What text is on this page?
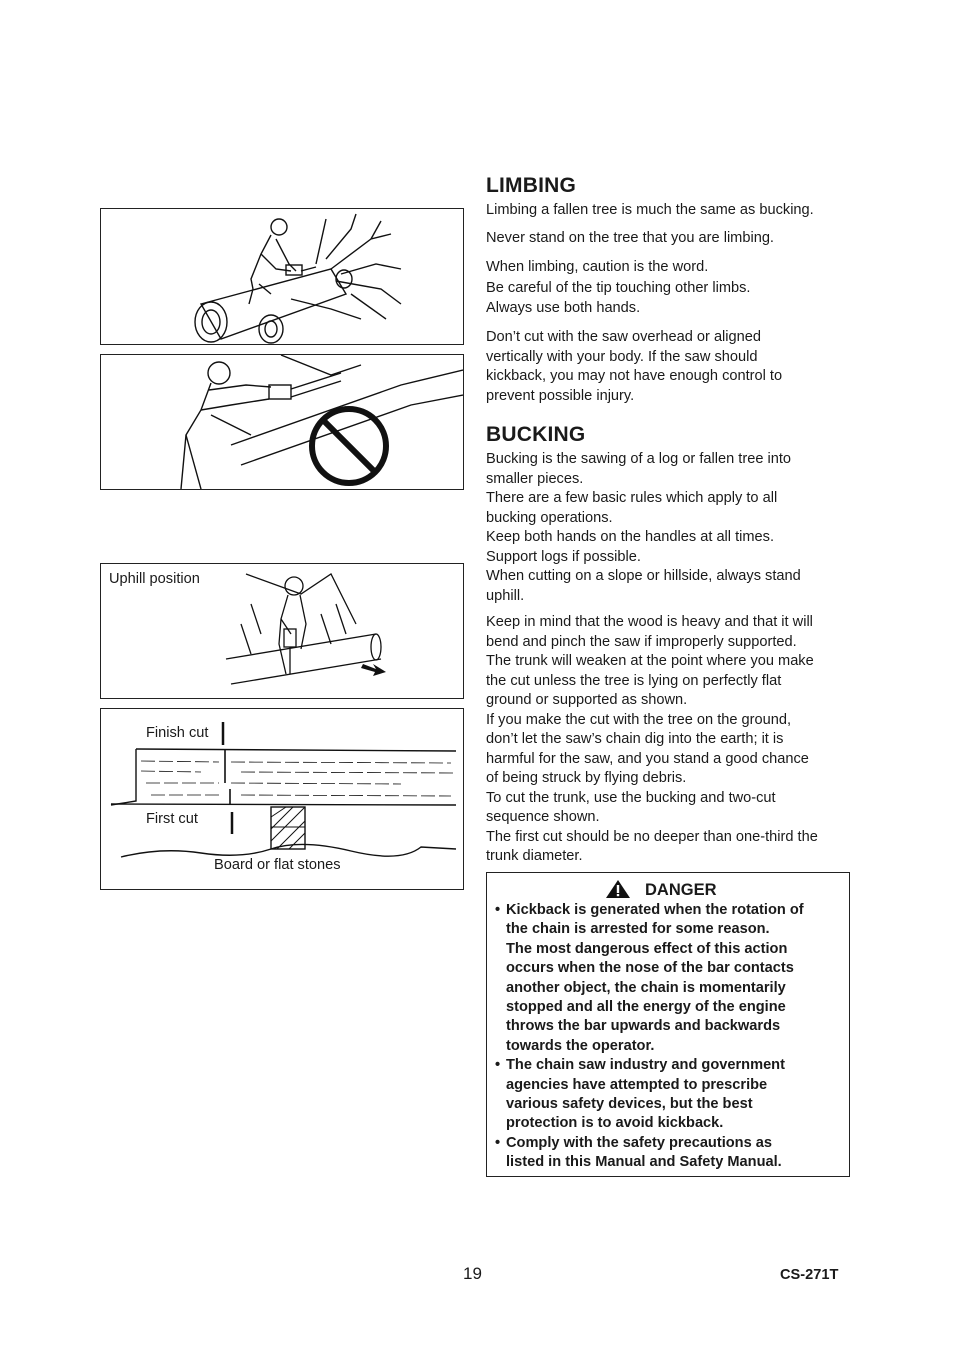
Uphill position
Finish cut
First cut
Board or flat stones
LIMBING

Limbing a fallen tree is much the same as bucking.

Never stand on the tree that you are limbing.

When limbing, caution is the word.
Be careful of the tip touching other limbs.
Always use both hands.

Don’t cut with the saw overhead or aligned
vertically with your body. If the saw should
kickback, you may not have enough control to
prevent possible injury.

BUCKING

Bucking is the sawing of a log or fallen tree into
smaller pieces.
There are a few basic rules which apply to all
bucking operations.
Keep both hands on the handles at all times.
Support logs if possible.
When cutting on a slope or hillside, always stand
uphill.

Keep in mind that the wood is heavy and that it will
bend and pinch the saw if improperly supported.
The trunk will weaken at the point where you make
the cut unless the tree is lying on perfectly flat
ground or supported as shown.
If you make the cut with the tree on the ground,
don’t let the saw’s chain dig into the earth; it is
harmful for the saw, and you stand a good chance
of being struck by flying debris.
To cut the trunk, use the bucking and two-cut
sequence shown.
The first cut should be no deeper than one-third the
trunk diameter.

DANGER
• Kickback is generated when the rotation of
the chain is arrested for some reason.
The most dangerous effect of this action
occurs when the nose of the bar contacts
another object, the chain is momentarily
stopped and all the energy of the engine
throws the bar upwards and backwards
towards the operator.
• The chain saw industry and government
agencies have attempted to prescribe
various safety devices, but the best
protection is to avoid kickback.
• Comply with the safety precautions as
listed in this Manual and Safety Manual.
19	CS-271T
